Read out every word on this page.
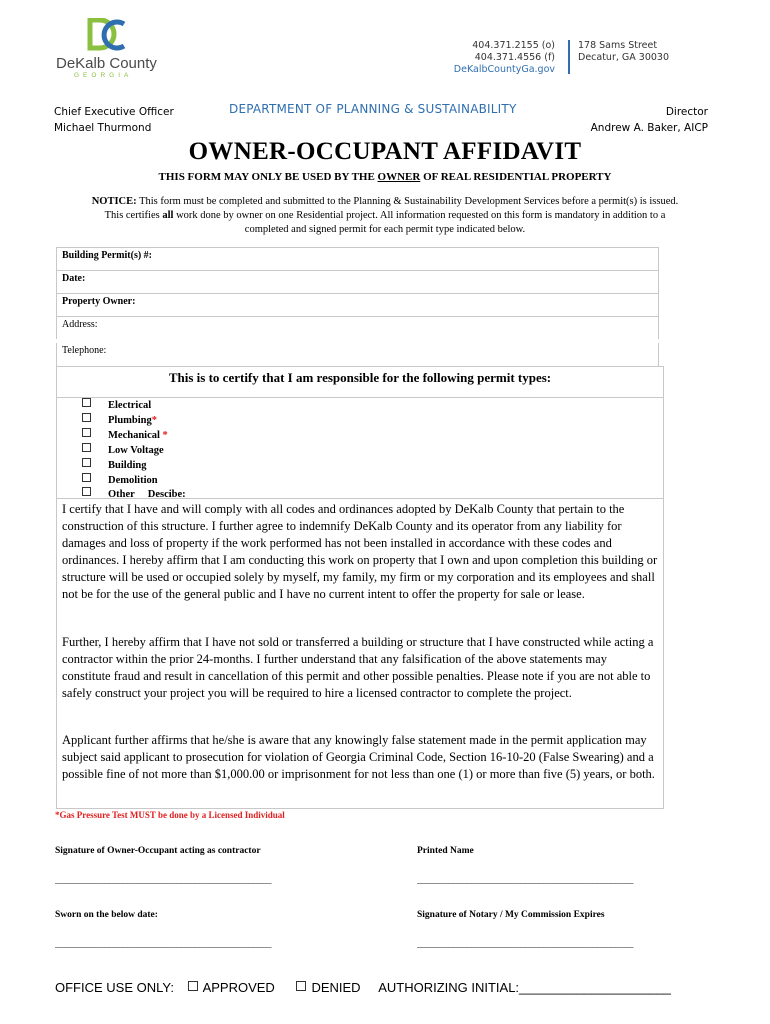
DeKalb County
GEORGIA
404.371.2155 (o)
404.371.4556 (f)
DeKalbCountyGa.gov
178 Sams Street
Decatur, GA 30030
Chief Executive Officer
Michael Thurmond
DEPARTMENT OF PLANNING & SUSTAINABILITY	Director
Andrew A. Baker, AICP
OWNER-OCCUPANT AFFIDAVIT
THIS FORM MAY ONLY BE USED BY THE OWNER OF REAL RESIDENTIAL PROPERTY
NOTICE: This form must be completed and submitted to the Planning & Sustainability Development Services before a permit(s) is issued.
This certifies all work done by owner on one Residential project. All information requested on this form is mandatory in addition to a
completed and signed permit for each permit type indicated below.
Building Permit(s) #:
Date:
Property Owner:
Address:
Telephone:
This is to certify that I am responsible for the following permit types:
Electrical
Plumbing*
Mechanical *
Low Voltage
Building
Demolition
Other     Descibe:
I certify that I have and will comply with all codes and ordinances adopted by DeKalb County that pertain to the construction of this structure. I further agree to indemnify DeKalb County and its operator from any liability for damages and loss of property if the work performed has not been installed in accordance with these codes and ordinances. I hereby affirm that I am conducting this work on property that I own and upon completion this building or structure will be used or occupied solely by myself, my family, my firm or my corporation and its employees and shall not be for the use of the general public and I have no current intent to offer the property for sale or lease.
Further, I hereby affirm that I have not sold or transferred a building or structure that I have constructed while acting a contractor within the prior 24-months. I further understand that any falsification of the above statements may constitute fraud and result in cancellation of this permit and other possible penalties. Please note if you are not able to safely construct your project you will be required to hire a licensed contractor to complete the project.
Applicant further affirms that he/she is aware that any knowingly false statement made in the permit application may subject said applicant to prosecution for violation of Georgia Criminal Code, Section 16-10-20 (False Swearing) and a possible fine of not more than $1,000.00 or imprisonment for not less than one (1) or more than five (5) years, or both.
*Gas Pressure Test MUST be done by a Licensed Individual
Signature of Owner-Occupant acting as contractor	Printed Name
________________________________________________	________________________________________________
Sworn on the below date:	Signature of Notary / My Commission Expires
________________________________________________	________________________________________________
OFFICE USE ONLY: APPROVED	DENIED AUTHORIZING INITIAL:_____________________
